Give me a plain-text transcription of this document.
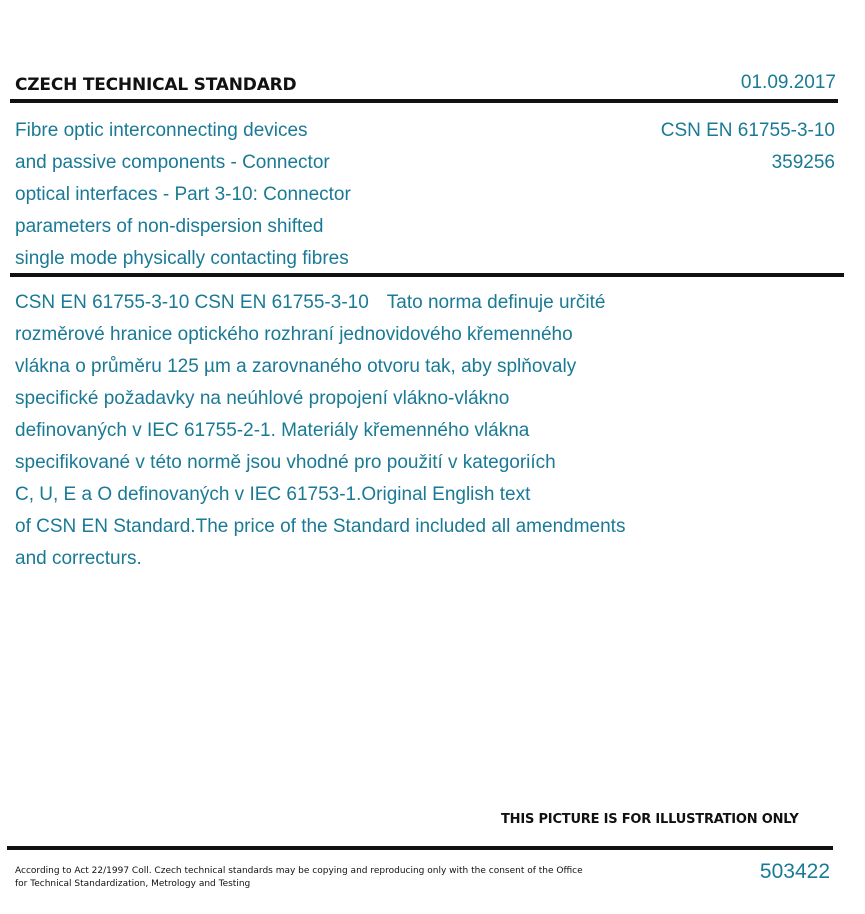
CZECH TECHNICAL STANDARD	01.09.2017
Fibre optic interconnecting devices
and passive components - Connector
optical interfaces - Part 3-10: Connector
parameters of non-dispersion shifted
single mode physically contacting fibres
CSN EN 61755-3-10
359256
CSN EN 61755-3-10 CSN EN 61755-3-10 Tato norma definuje určité
rozměrové hranice optického rozhraní jednovidového křemenného
vlákna o průměru 125 µm a zarovnaného otvoru tak, aby splňovaly
specifické požadavky na neúhlové propojení vlákno-vlákno
definovaných v IEC 61755-2-1. Materiály křemenného vlákna
specifikované v této normě jsou vhodné pro použití v kategoriích
C, U, E a O definovaných v IEC 61753-1.Original English text
of CSN EN Standard.The price of the Standard included all amendments
and correcturs.
THIS PICTURE IS FOR ILLUSTRATION ONLY
According to Act 22/1997 Coll. Czech technical standards may be copying and reproducing only with the consent of the Office
for Technical Standardization, Metrology and Testing
503422
